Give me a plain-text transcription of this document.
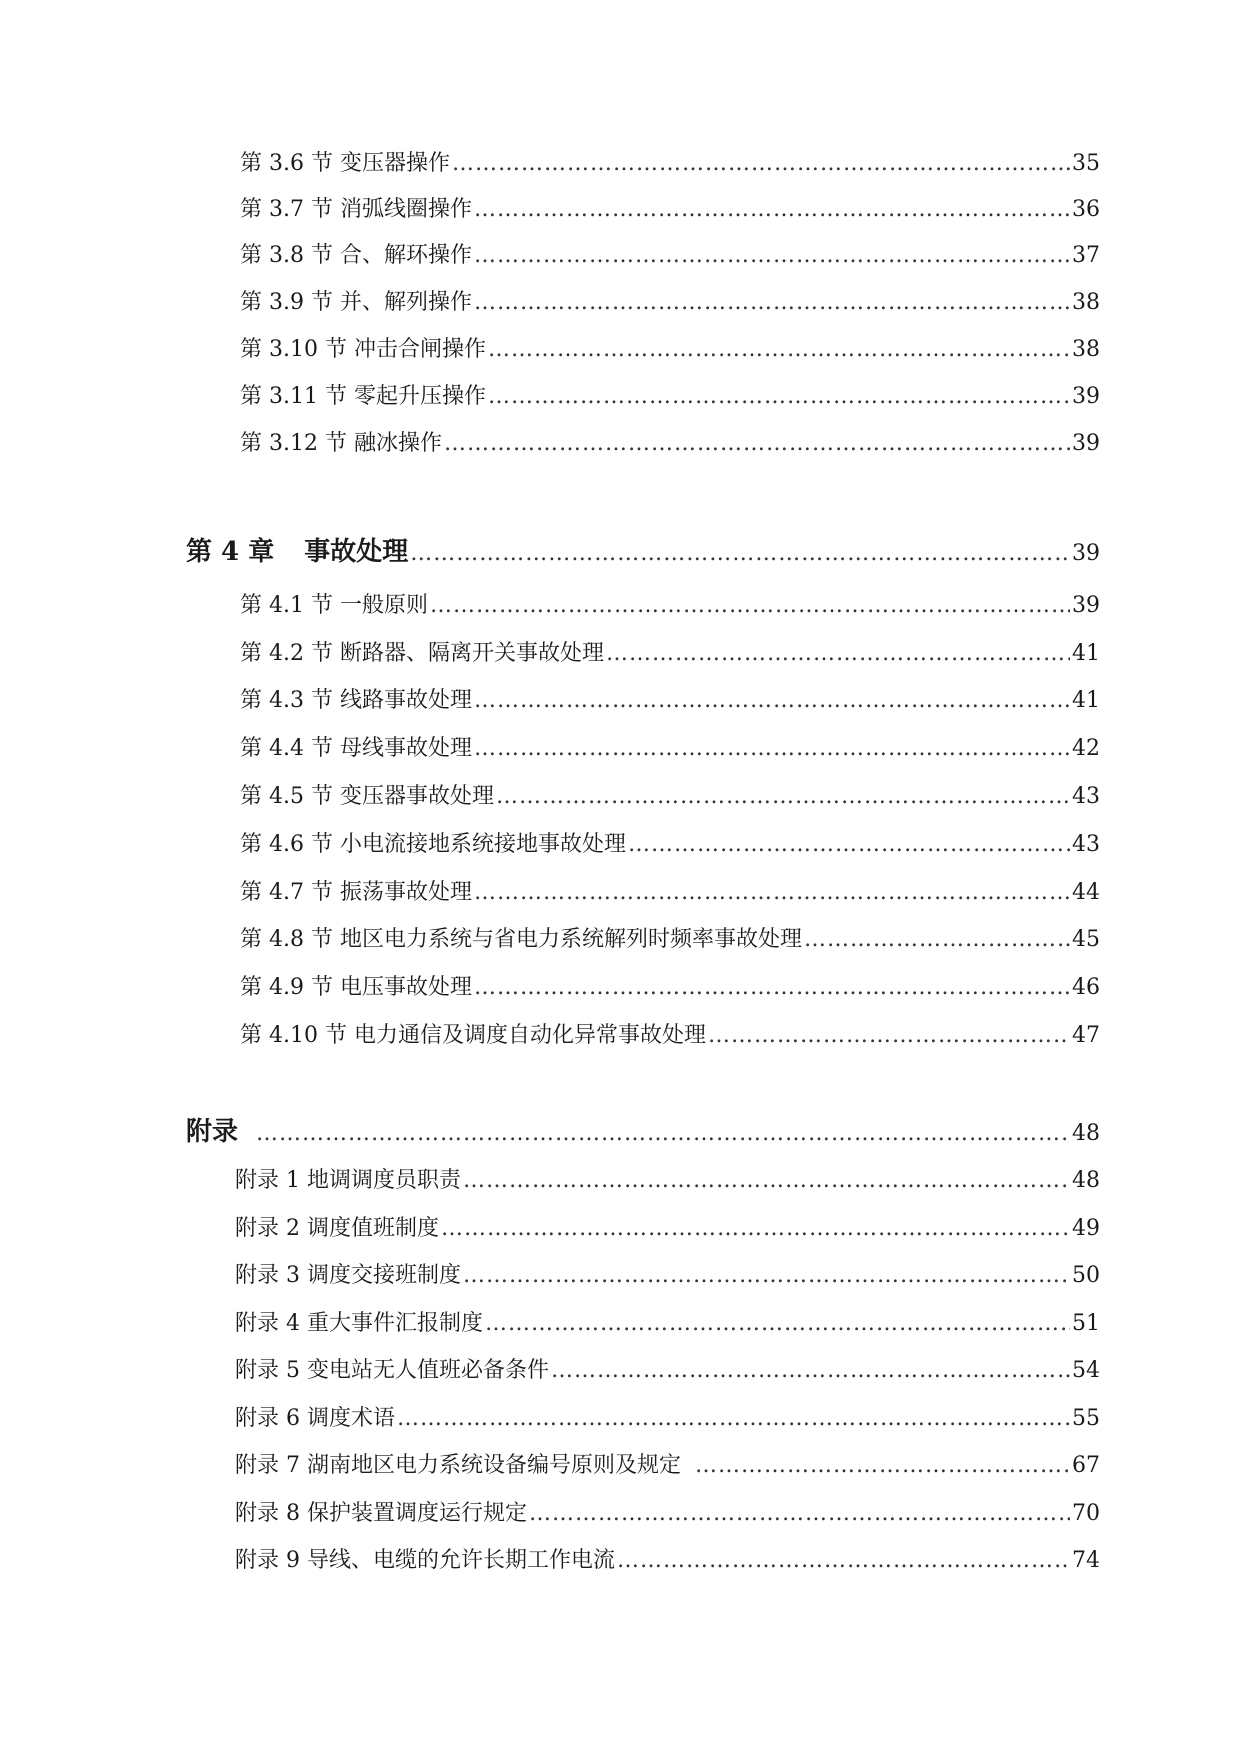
第 3.6 节 变压器操作 ……………………………………………………………………………………………………………………………………………………………………………………………………	35
第 3.7 节 消弧线圈操作 ……………………………………………………………………………………………………………………………………………………………………………………………………	36
第 3.8 节 合、解环操作 ……………………………………………………………………………………………………………………………………………………………………………………………………	37
第 3.9 节 并、解列操作 ……………………………………………………………………………………………………………………………………………………………………………………………………	38
第 3.10 节 冲击合闸操作 ……………………………………………………………………………………………………………………………………………………………………………………………………	38
第 3.11 节 零起升压操作 ……………………………………………………………………………………………………………………………………………………………………………………………………	39
第 3.12 节 融冰操作 ……………………………………………………………………………………………………………………………………………………………………………………………………	39
第 4 章 事故处理 ……………………………………………………………………………………………………………………………………………………………………………………………………	39
第 4.1 节 一般原则 ……………………………………………………………………………………………………………………………………………………………………………………………………	39
第 4.2 节 断路器、隔离开关事故处理 ……………………………………………………………………………………………………………………………………………………………………………………………………	41
第 4.3 节 线路事故处理 ……………………………………………………………………………………………………………………………………………………………………………………………………	41
第 4.4 节 母线事故处理 ……………………………………………………………………………………………………………………………………………………………………………………………………	42
第 4.5 节 变压器事故处理 ……………………………………………………………………………………………………………………………………………………………………………………………………	43
第 4.6 节 小电流接地系统接地事故处理 ……………………………………………………………………………………………………………………………………………………………………………………………………	43
第 4.7 节 振荡事故处理 ……………………………………………………………………………………………………………………………………………………………………………………………………	44
第 4.8 节 地区电力系统与省电力系统解列时频率事故处理 ……………………………………………………………………………………………………………………………………………………………………………………………………	45
第 4.9 节 电压事故处理 ……………………………………………………………………………………………………………………………………………………………………………………………………	46
第 4.10 节 电力通信及调度自动化异常事故处理 ……………………………………………………………………………………………………………………………………………………………………………………………………	47
附录 ……………………………………………………………………………………………………………………………………………………………………………………………………	48
附录 1 地调调度员职责 ……………………………………………………………………………………………………………………………………………………………………………………………………	48
附录 2 调度值班制度 ……………………………………………………………………………………………………………………………………………………………………………………………………	49
附录 3 调度交接班制度 ……………………………………………………………………………………………………………………………………………………………………………………………………	50
附录 4 重大事件汇报制度 ……………………………………………………………………………………………………………………………………………………………………………………………………	51
附录 5 变电站无人值班必备条件 ……………………………………………………………………………………………………………………………………………………………………………………………………	54
附录 6 调度术语 ……………………………………………………………………………………………………………………………………………………………………………………………………	55
附录 7 湖南地区电力系统设备编号原则及规定 ……………………………………………………………………………………………………………………………………………………………………………………………………	67
附录 8 保护装置调度运行规定 ……………………………………………………………………………………………………………………………………………………………………………………………………	70
附录 9 导线、电缆的允许长期工作电流 ……………………………………………………………………………………………………………………………………………………………………………………………………	74
